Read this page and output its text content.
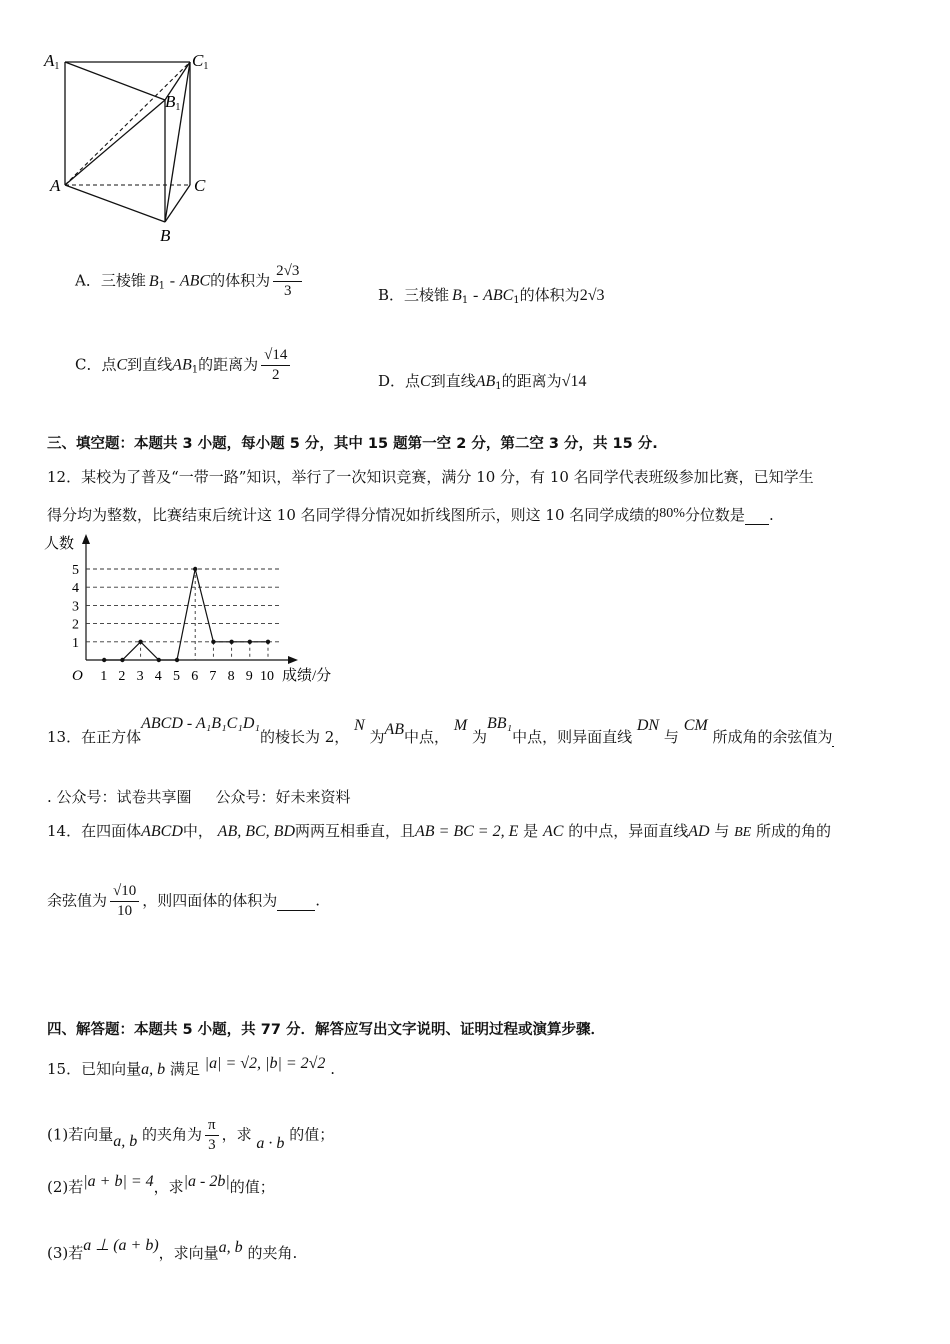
A1	C1
B1
A	C
B
A．三棱锥 $B_1$ - ABC的体积为 $\frac{2√3}{3}$	B．三棱锥 $B_1 - ABC_1$的体积为2√3
C．点C到直线$AB_1$的距离为 $\frac{√14}{2}$	D．点C到直线$AB_1$的距离为√14
三、填空题：本题共 3 小题，每小题 5 分，其中 15 题第一空 2 分，第二空 3 分，共 15 分.
12．某校为了普及“一带一路”知识，举行了一次知识竞赛，满分 10 分，有 10 名同学代表班级参加比赛，已知学生
得分均为整数，比赛结束后统计这 10 名同学得分情况如折线图所示，则这 10 名同学成绩的80%分位数是 .
1
2
3
4
5
1 2 3 4 5 6 7 8 9 10
O
人数
成绩/分
13．在正方体ABCD - A₁B₁C₁D₁的棱长为 2， N 为AB中点， M 为BB₁中点，则异面直线 DN 与 CM 所成角的余弦值为
. 公众号：试卷共享圈 公众号：好未来资料
14．在四面体ABCD中， AB, BC, BD两两互相垂直，且AB = BC = 2, E 是 AC 的中点，异面直线AD 与 BE 所成的角的
余弦值为 $\frac{√10}{10}$ ，则四面体的体积为	.
四、解答题：本题共 5 小题，共 77 分．解答应写出文字说明、证明过程或演算步骤．
15．已知向量a, b 满足 |a| = √2, |b| = 2√2 .
(1)若向量a, b 的夹角为 $\frac{\pi}{3}$ ，求 a · b 的值；
(2)若|a + b| = 4，求|a - 2b|的值；
(3)若a ⊥ (a + b)，求向量a, b 的夹角.
